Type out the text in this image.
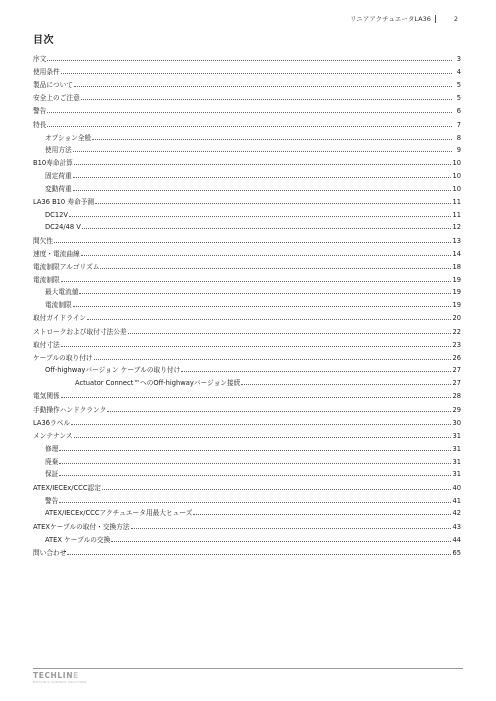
リニアアクチュエータLA36	2
目次
序文	3
使用条件	4
製品について	5
安全上のご注意	5
警告	6
特長	7
オプション全般	8
使用方法	9
B10寿命計算	10
固定荷重	10
変動荷重	10
LA36 B10 寿命予測	11
DC12V	11
DC24/48 V	12
間欠性	13
速度・電流曲線	14
電流制限アルゴリズム	18
電流制限	19
最大電流値	19
電流制限	19
取付ガイドライン	20
ストロークおよび取付寸法公差	22
取付寸法	23
ケーブルの取り付け	26
Off-highwayバージョン ケーブルの取り付け	27
Actuator Connect™へのOff-highwayバージョン接続	27
電気関係	28
手動操作ハンドクランク	29
LA36ラベル	30
メンテナンス	31
修理	31
廃棄	31
保証	31
ATEX/IECEx/CCC認定	40
警告	41
ATEX/IECEx/CCCアクチュエータ用最大ヒューズ	42
ATEXケーブルの取付・交換方法	43
ATEX ケーブルの交換	44
問い合わせ	65
TECHLINE
MOTION & CONTROL SOLUTIONS
